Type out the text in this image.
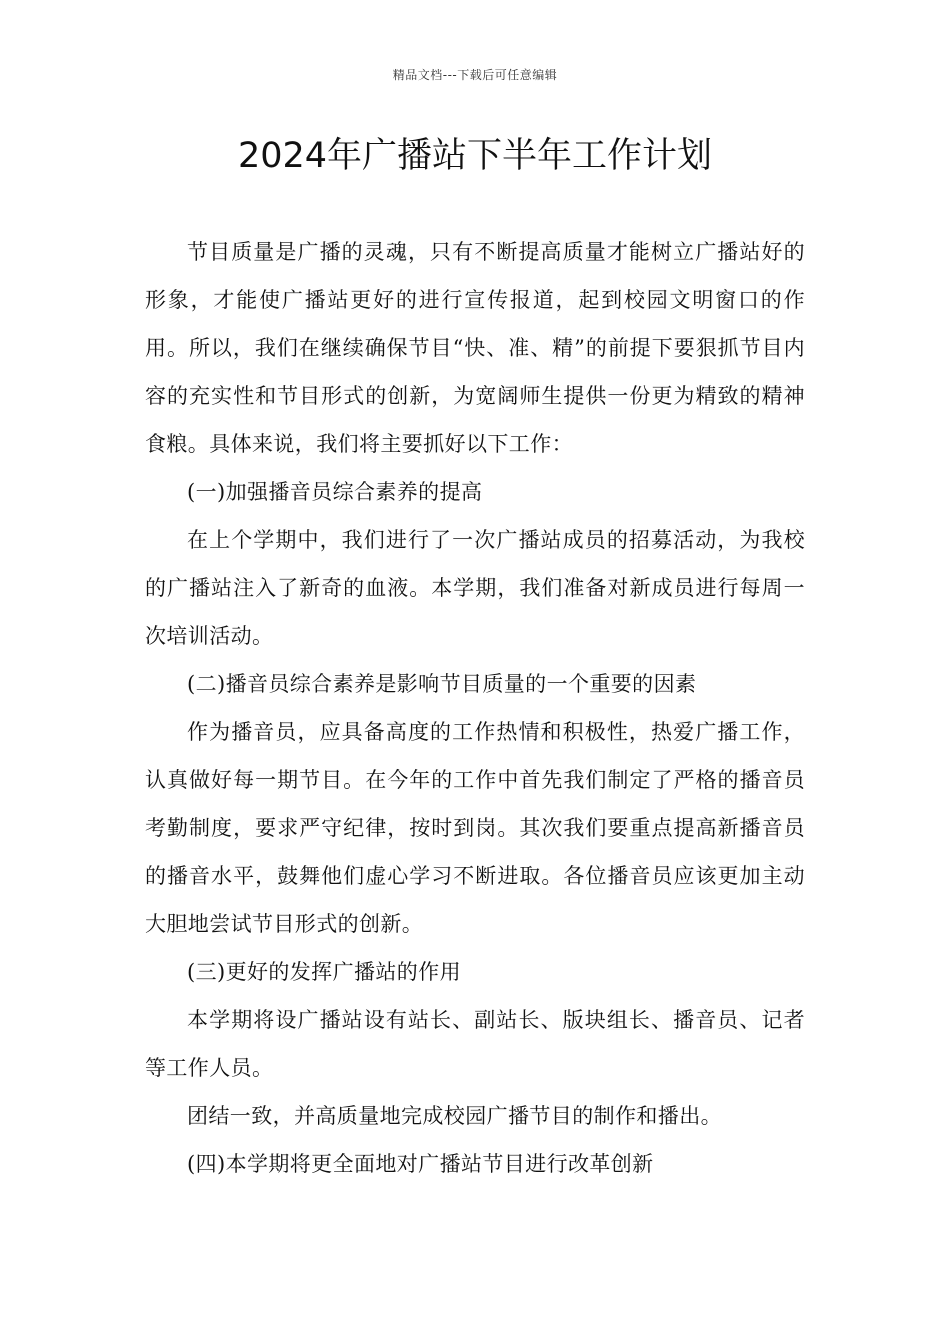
精品文档---下载后可任意编辑
2024年广播站下半年工作计划

节目质量是广播的灵魂，只有不断提高质量才能树立广播站好的形象，才能使广播站更好的进行宣传报道，起到校园文明窗口的作用。所以，我们在继续确保节目“快、准、精”的前提下要狠抓节目内容的充实性和节目形式的创新，为宽阔师生提供一份更为精致的精神食粮。具体来说，我们将主要抓好以下工作：

(一)加强播音员综合素养的提高

在上个学期中，我们进行了一次广播站成员的招募活动，为我校的广播站注入了新奇的血液。本学期，我们准备对新成员进行每周一次培训活动。

(二)播音员综合素养是影响节目质量的一个重要的因素

作为播音员，应具备高度的工作热情和积极性，热爱广播工作，认真做好每一期节目。在今年的工作中首先我们制定了严格的播音员考勤制度，要求严守纪律，按时到岗。其次我们要重点提高新播音员的播音水平，鼓舞他们虚心学习不断进取。各位播音员应该更加主动大胆地尝试节目形式的创新。

(三)更好的发挥广播站的作用

本学期将设广播站设有站长、副站长、版块组长、播音员、记者等工作人员。

团结一致，并高质量地完成校园广播节目的制作和播出。

(四)本学期将更全面地对广播站节目进行改革创新
